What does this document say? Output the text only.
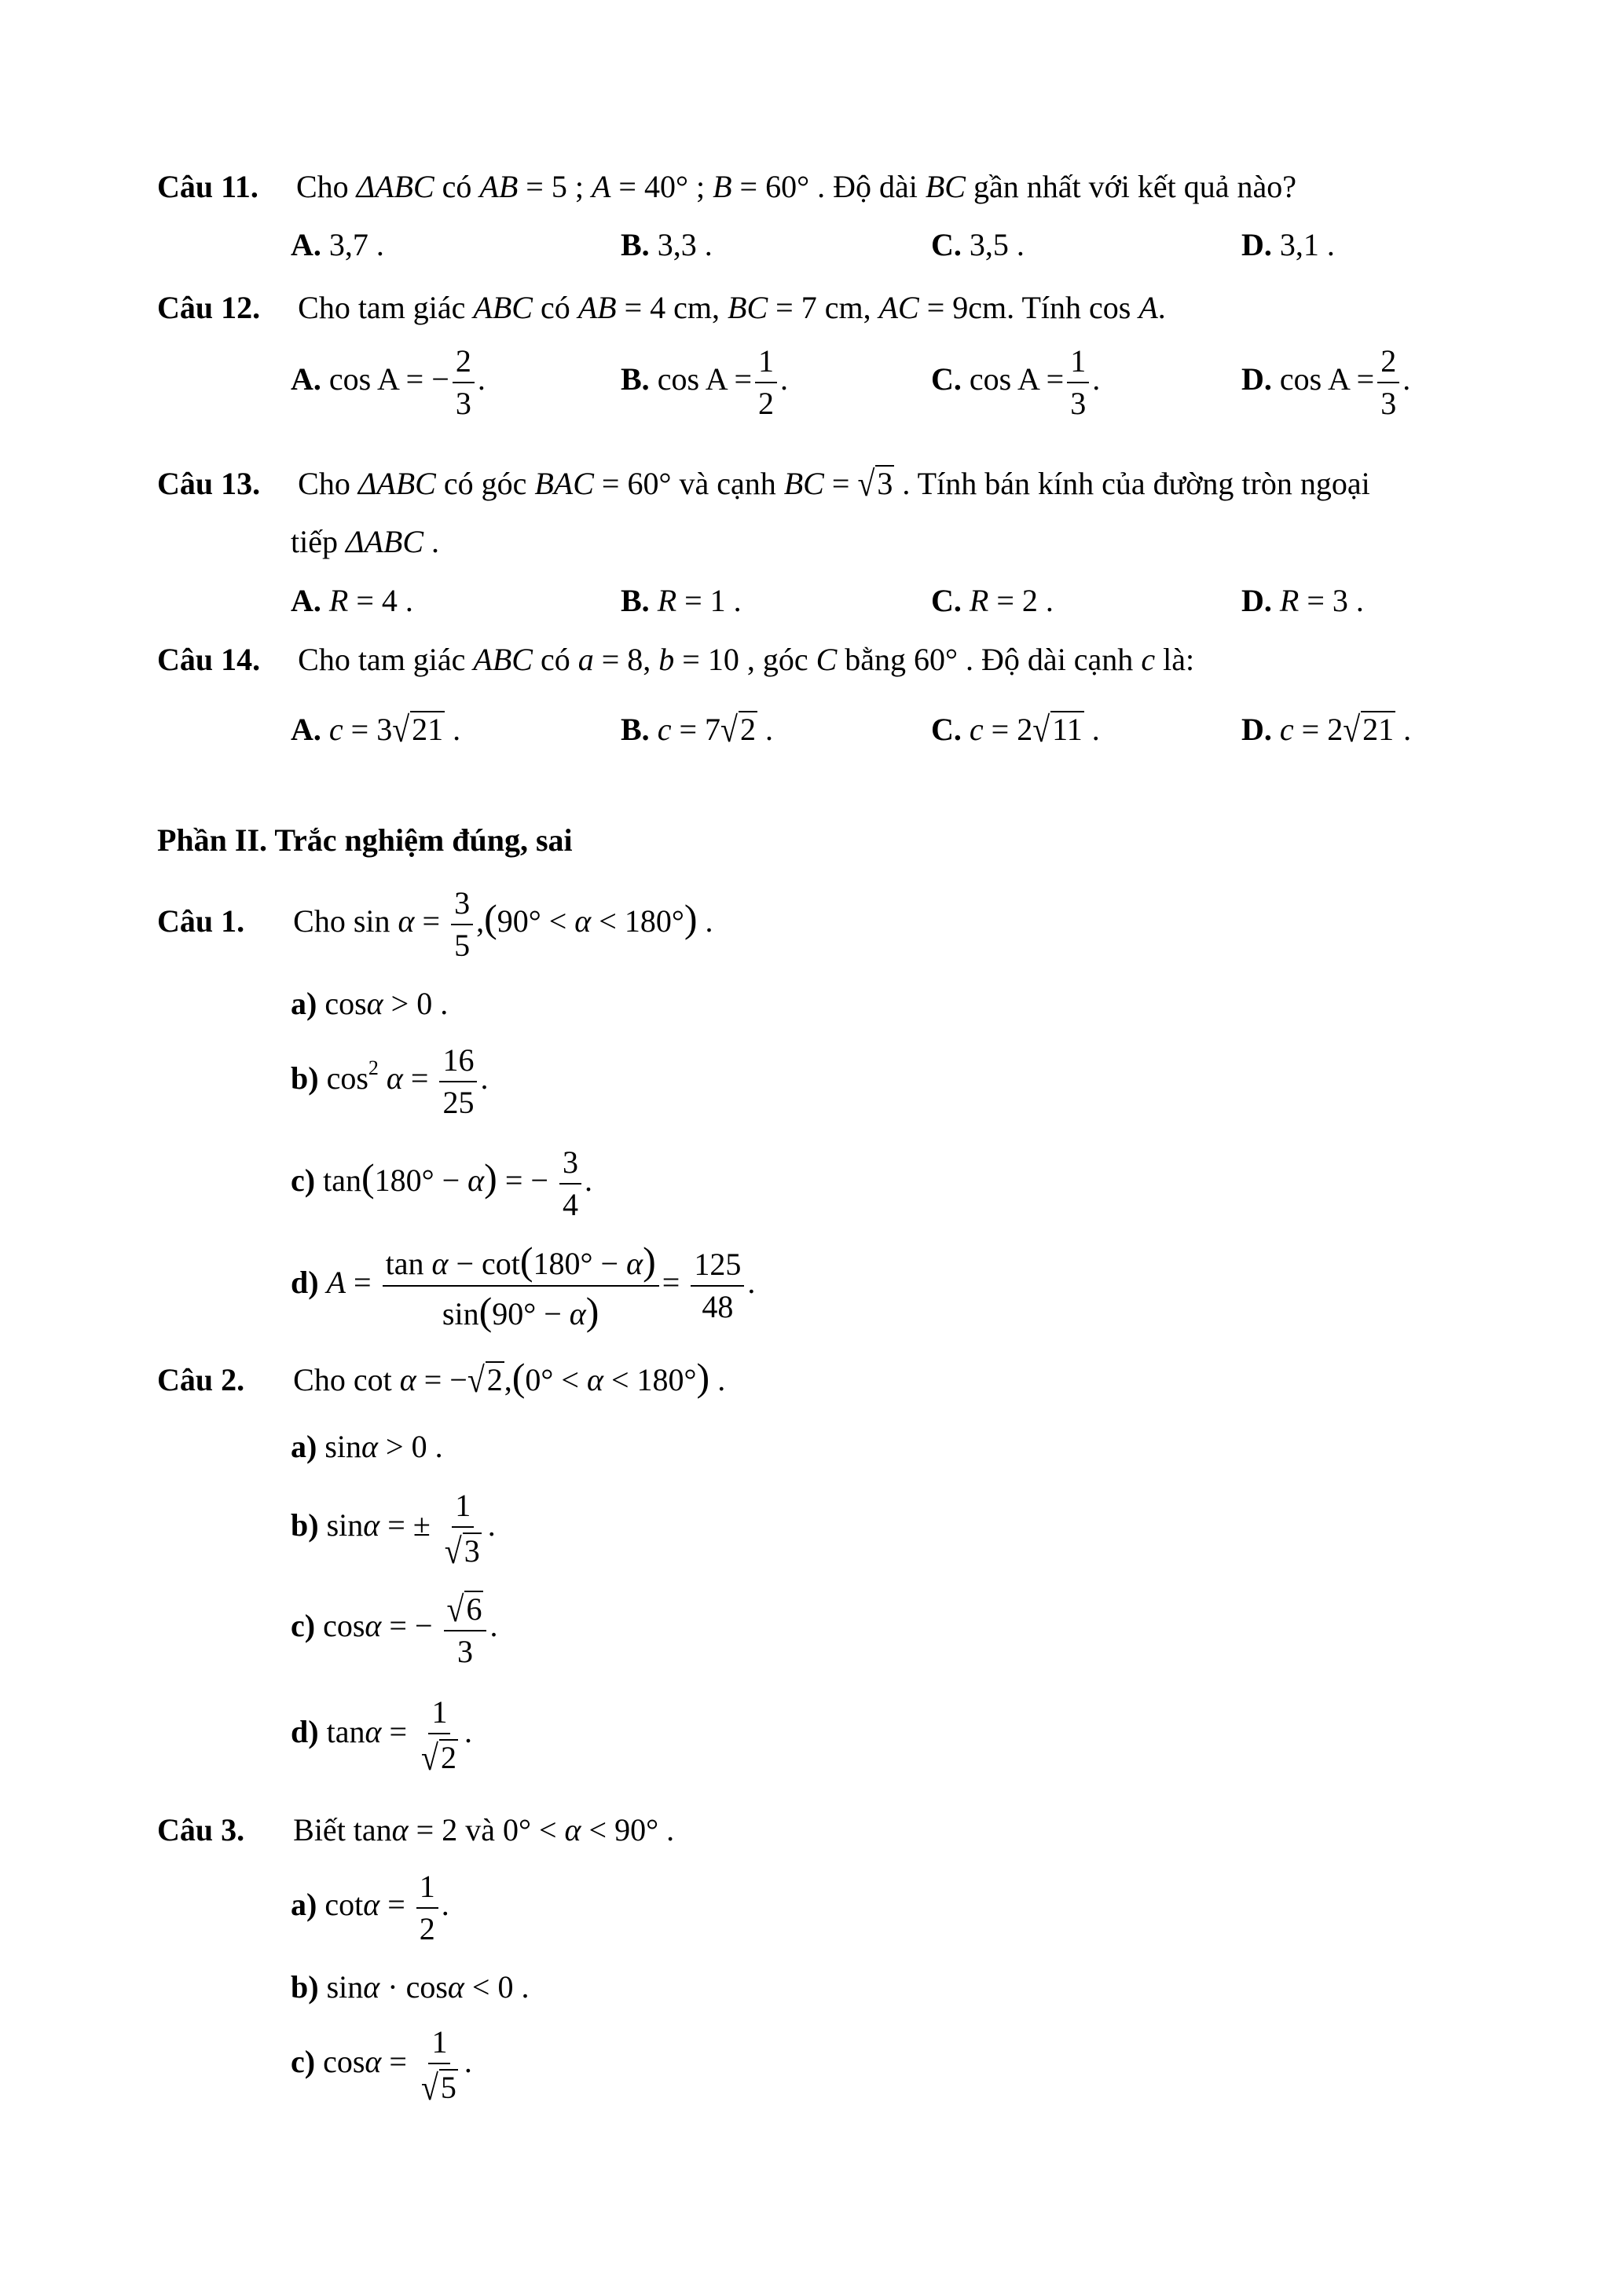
Câu 11. Cho ΔABC có AB = 5 ; A = 40° ; B = 60° . Độ dài BC gần nhất với kết quả nào?
A. 3,7 .	B. 3,3 .	C. 3,5 .	D. 3,1 .
Câu 12. Cho tam giác ABC có AB = 4 cm, BC = 7 cm, AC = 9cm. Tính cos A.
A. cos A = − $\frac{2}{3}$ .	B. $\cos A = \frac{1}{2}$ .	C. $\cos A = \frac{1}{3}$ .	D. $\cos A = \frac{2}{3}$ .
Câu 13. Cho ΔABC có góc BAC = 60° và cạnh BC = √3 . Tính bán kính của đường tròn ngoại
tiếp ΔABC .
A. R = 4 .	B. R = 1 .	C. R = 2 .	D. R = 3 .
Câu 14. Cho tam giác ABC có a = 8, b = 10 , góc C bằng 60° . Độ dài cạnh c là:
A. c = 3√21 .	B. c = 7√2 .	C. c = 2√11 .	D. c = 2√21 .
Phần II. Trắc nghiệm đúng, sai
Câu 1. Cho $\sin \alpha = \frac{3}{5} ,(90^\circ < \alpha < 180^\circ)$ .
a) cosα > 0 .
b) $\cos^2 \alpha = \frac{16}{25}$ .
c) tan(180° − α) = − $\frac{3}{4}$ .
d) $A = \frac{\text{tan α − cot(180° − α)}}{\sin(90^\circ - \alpha)} = \frac{125}{48}$ .
Câu 2. Cho cot α = −√2,(0° < α < 180°) .
a) sinα > 0 .
b) sinα = ± $\frac{1}{√3}$ .
c) cosα = − $\frac{√6}{3}$ .
d) $\tan\alpha = \frac{1}{√2}$ .
Câu 3. Biết tanα = 2 và 0° < α < 90° .
a) $\cot\alpha = \frac{1}{2}$ .
b) sinα · cosα < 0 .
c) $\cos\alpha = \frac{1}{√5}$ .
